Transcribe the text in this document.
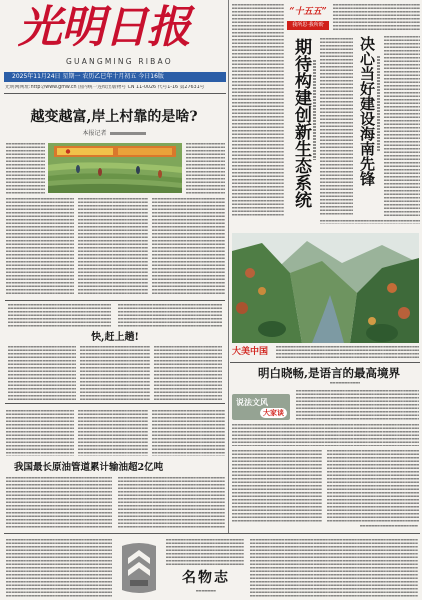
光明日报
GUANGMING RIBAO
2025年11月24日 星期一 农历乙巳年十月初五 今日16版
光明网网址:http://www.gmw.cn 国内统一连续出版物号 CN 11-0026 代号1-16 第27631号
越变越富,岸上村靠的是啥?
本报记者
快,赶上趟!
我国最长原油管道累计输油超2亿吨
“十五五”
我所思·我所盼
期待构建创新生态系统	决心当好建设海南先锋
大美中国
明白晓畅,是语言的最高境界
说法文风
大家谈
名物志
